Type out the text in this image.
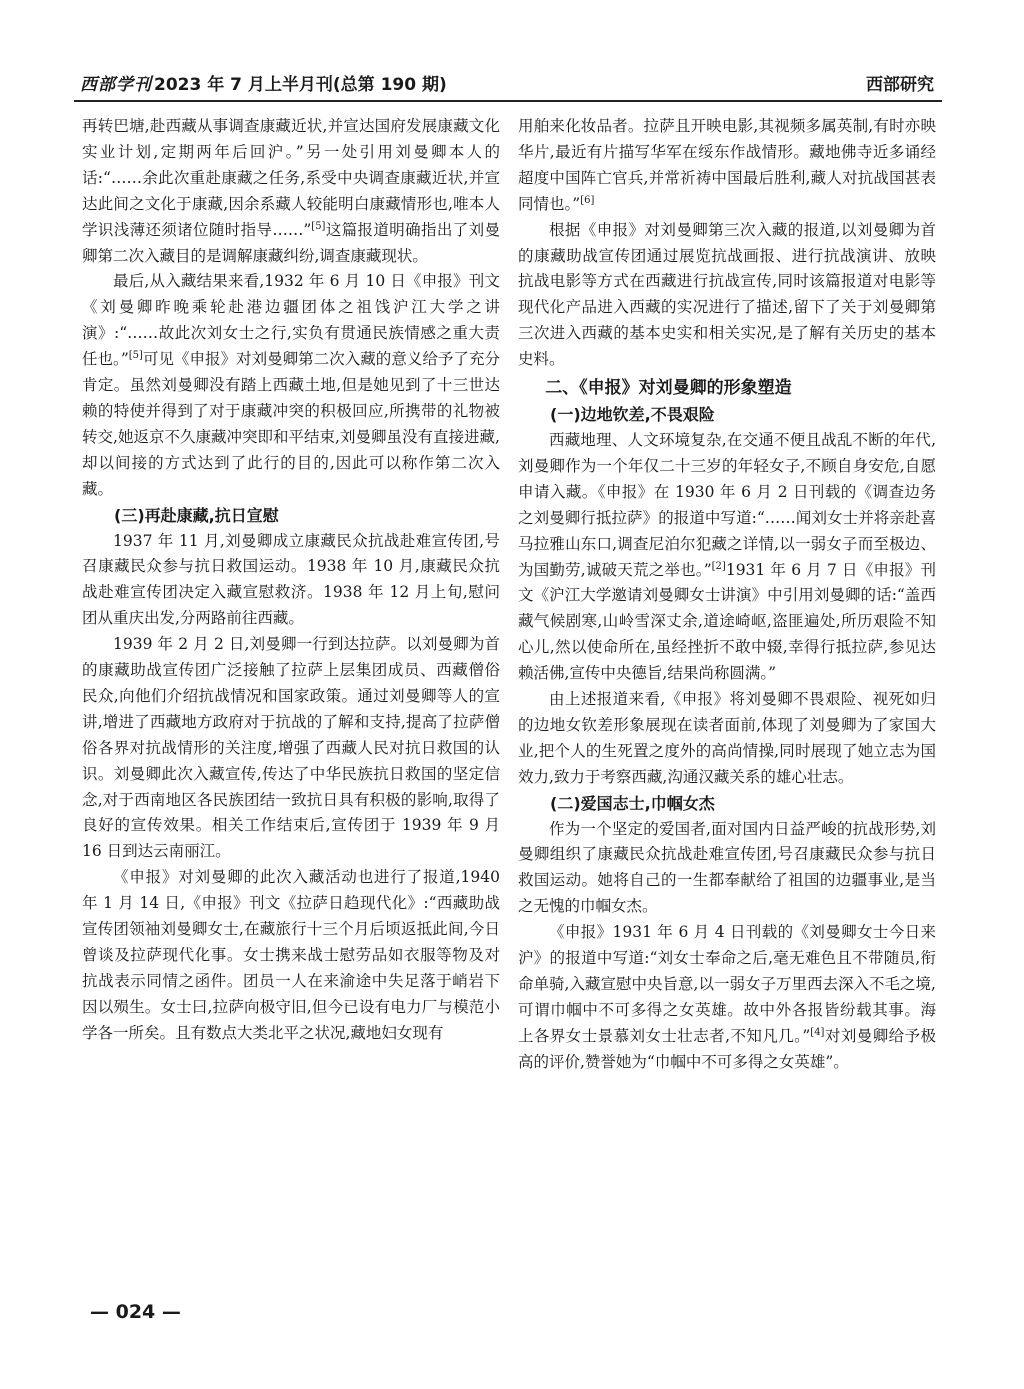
西部学刊 2023 年 7 月上半月刊(总第 190 期)	西部研究

再转巴塘,赴西藏从事调查康藏近状,并宣达国府发展康藏文化实业计划,定期两年后回沪。”另一处引用刘曼卿本人的话:“……余此次重赴康藏之任务,系受中央调查康藏近状,并宣达此间之文化于康藏,因余系藏人较能明白康藏情形也,唯本人学识浅薄还须诸位随时指导……”[5]这篇报道明确指出了刘曼卿第二次入藏目的是调解康藏纠纷,调查康藏现状。

最后,从入藏结果来看,1932 年 6 月 10 日《申报》刊文《刘曼卿昨晚乘轮赴港边疆团体之祖饯沪江大学之讲演》:“……故此次刘女士之行,实负有贯通民族情感之重大责任也。”[5]可见《申报》对刘曼卿第二次入藏的意义给予了充分肯定。虽然刘曼卿没有踏上西藏土地,但是她见到了十三世达赖的特使并得到了对于康藏冲突的积极回应,所携带的礼物被转交,她返京不久康藏冲突即和平结束,刘曼卿虽没有直接进藏,却以间接的方式达到了此行的目的,因此可以称作第二次入藏。

(三)再赴康藏,抗日宣慰

1937 年 11 月,刘曼卿成立康藏民众抗战赴难宣传团,号召康藏民众参与抗日救国运动。1938 年 10 月,康藏民众抗战赴难宣传团决定入藏宣慰救济。1938 年 12 月上旬,慰问团从重庆出发,分两路前往西藏。

1939 年 2 月 2 日,刘曼卿一行到达拉萨。以刘曼卿为首的康藏助战宣传团广泛接触了拉萨上层集团成员、西藏僧俗民众,向他们介绍抗战情况和国家政策。通过刘曼卿等人的宣讲,增进了西藏地方政府对于抗战的了解和支持,提高了拉萨僧俗各界对抗战情形的关注度,增强了西藏人民对抗日救国的认识。刘曼卿此次入藏宣传,传达了中华民族抗日救国的坚定信念,对于西南地区各民族团结一致抗日具有积极的影响,取得了良好的宣传效果。相关工作结束后,宣传团于 1939 年 9 月 16 日到达云南丽江。

《申报》对刘曼卿的此次入藏活动也进行了报道,1940 年 1 月 14 日,《申报》刊文《拉萨日趋现代化》:“西藏助战宣传团领袖刘曼卿女士,在藏旅行十三个月后顷返抵此间,今日曾谈及拉萨现代化事。女士携来战士慰劳品如衣服等物及对抗战表示同情之函件。团员一人在来渝途中失足落于峭岩下因以殒生。女士曰,拉萨向极守旧,但今已设有电力厂与模范小学各一所矣。且有数点大类北平之状况,藏地妇女现有

用舶来化妆品者。拉萨且开映电影,其视频多属英制,有时亦映华片,最近有片描写华军在绥东作战情形。藏地佛寺近多诵经超度中国阵亡官兵,并常祈祷中国最后胜利,藏人对抗战国甚表同情也。”[6]

根据《申报》对刘曼卿第三次入藏的报道,以刘曼卿为首的康藏助战宣传团通过展览抗战画报、进行抗战演讲、放映抗战电影等方式在西藏进行抗战宣传,同时该篇报道对电影等现代化产品进入西藏的实况进行了描述,留下了关于刘曼卿第三次进入西藏的基本史实和相关实况,是了解有关历史的基本史料。

二、《申报》对刘曼卿的形象塑造
(一)边地钦差,不畏艰险

西藏地理、人文环境复杂,在交通不便且战乱不断的年代,刘曼卿作为一个年仅二十三岁的年轻女子,不顾自身安危,自愿申请入藏。《申报》在 1930 年 6 月 2 日刊载的《调查边务之刘曼卿行抵拉萨》的报道中写道:“……闻刘女士并将亲赴喜马拉雅山东口,调查尼泊尔犯藏之详情,以一弱女子而至极边、为国勤劳,诚破天荒之举也。”[2]1931 年 6 月 7 日《申报》刊文《沪江大学邀请刘曼卿女士讲演》中引用刘曼卿的话:“盖西藏气候剧寒,山岭雪深丈余,道途崎岖,盗匪遍处,所历艰险不知心儿,然以使命所在,虽经挫折不敢中辍,幸得行抵拉萨,参见达赖活佛,宣传中央德旨,结果尚称圆满。”

由上述报道来看,《申报》将刘曼卿不畏艰险、视死如归的边地女钦差形象展现在读者面前,体现了刘曼卿为了家国大业,把个人的生死置之度外的高尚情操,同时展现了她立志为国效力,致力于考察西藏,沟通汉藏关系的雄心壮志。

(二)爱国志士,巾帼女杰

作为一个坚定的爱国者,面对国内日益严峻的抗战形势,刘曼卿组织了康藏民众抗战赴难宣传团,号召康藏民众参与抗日救国运动。她将自己的一生都奉献给了祖国的边疆事业,是当之无愧的巾帼女杰。

《申报》1931 年 6 月 4 日刊载的《刘曼卿女士今日来沪》的报道中写道:“刘女士奉命之后,毫无难色且不带随员,衔命单骑,入藏宣慰中央旨意,以一弱女子万里西去深入不毛之境,可谓巾帼中不可多得之女英雄。故中外各报皆纷载其事。海上各界女士景慕刘女士壮志者,不知凡几。”[4]对刘曼卿给予极高的评价,赞誉她为“巾帼中不可多得之女英雄”。

— 024 —
